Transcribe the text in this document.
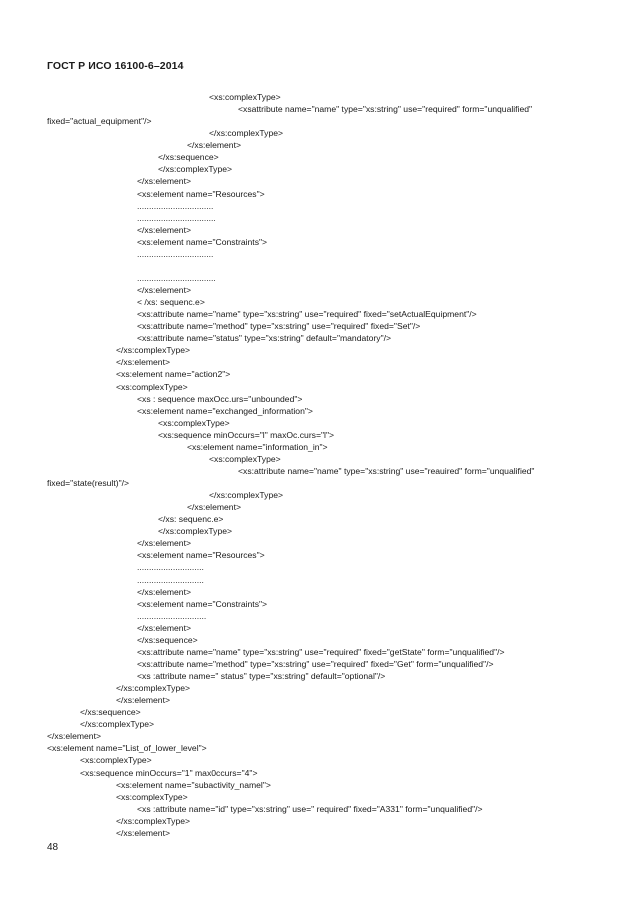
ГОСТ Р ИСО 16100-6–2014
<xs:complexType>
<xsattribute name="name" type="xs:string" use="required" form="unqualified"
fixed="actual_equipment"/>
</xs:complexType>
</xs:element>
</xs:sequence>
</xs:complexType>
</xs:element>
<xs:element name="Resources">
................................
.................................
</xs:element>
<xs:element name="Constraints">
................................
.................................
</xs:element>
< /xs: sequenc.e>
<xs:attribute name="name" type="xs:string" use="required" fixed="setActualEquipment"/>
<xs:attribute name="method" type="xs:string" use="required" fixed="Set"/>
<xs:attribute name="status" type="xs:string" default="mandatory"/>
</xs:complexType>
</xs:element>
<xs:element name="action2">
<xs:complexType>
<xs : sequence maxOcc.urs="unbounded">
<xs:element name="exchanged_information">
<xs:complexType>
<xs:sequence minOccurs="l" maxOc.curs="l">
<xs:element name="information_in">
<xs:complexType>
<xs:attribute name="name" type="xs:string" use="reauired" form="unqualified"
fixed="state(result)"/>
</xs:complexType>
</xs:element>
</xs: sequenc.e>
</xs:complexType>
</xs:element>
<xs:element name="Resources">
............................
............................
</xs:element>
<xs:element name="Constraints">
.............................
</xs:element>
</xs:sequence>
<xs:attribute name="name" type="xs:string" use="required" fixed="getState" form="unqualified"/>
<xs:attribute name="method" type="xs:string" use="required" fixed="Get" form="unqualified"/>
<xs :attribute name=" status" type="xs:string" default="optional"/>
</xs:complexType>
</xs:element>
</xs:sequence>
</xs:complexType>
</xs:element>
<xs:element name="List_of_lower_level">
<xs:complexType>
<xs:sequence minOccurs="1" max0ccurs="4">
<xs:element name="subactivity_namel">
<xs:complexType>
<xs :attribute name="id" type="xs:string" use=" required" fixed="A331" form="unqualified"/>
</xs:complexType>
</xs:element>
48
